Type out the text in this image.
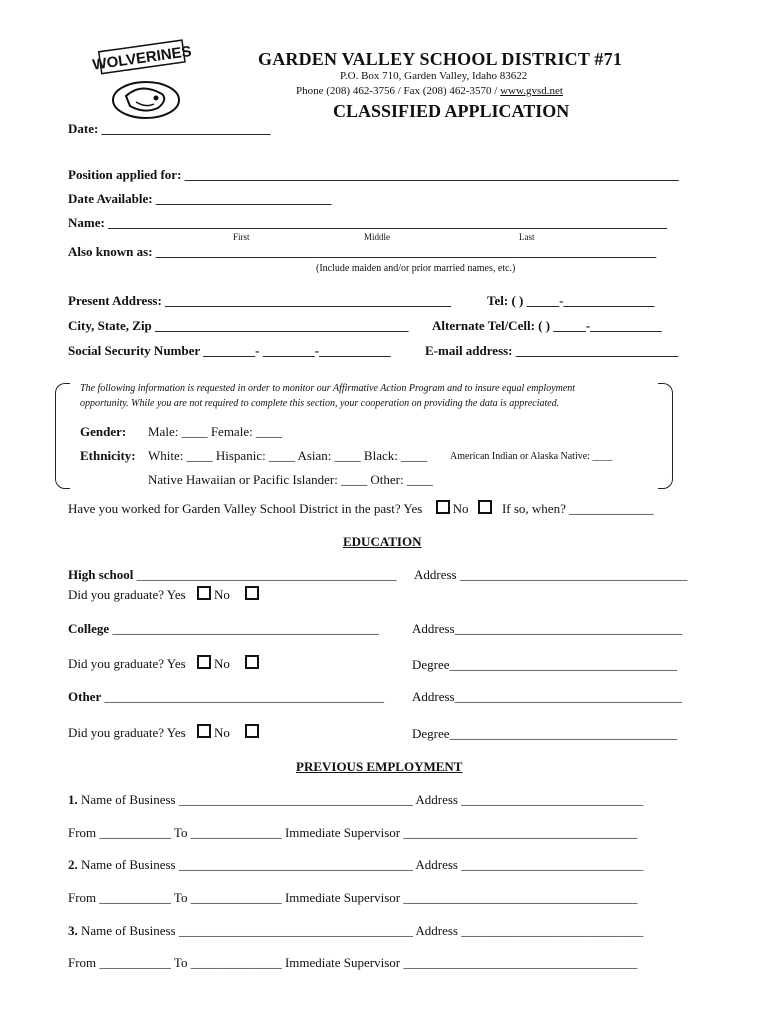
WOLVERINES	GARDEN VALLEY SCHOOL DISTRICT #71
P.O. Box 710, Garden Valley, Idaho 83622
Phone (208) 462-3756 / Fax (208) 462-3570 / www.gvsd.net
CLASSIFIED APPLICATION
Date: __________________________
Position applied for: ____________________________________________________________________________
Date Available: ___________________________
Name: ______________________________________________________________________________________
First	Middle	Last
Also known as: _____________________________________________________________________________
(Include maiden and/or prior married names, etc.)
Present Address: ____________________________________________	Tel: ( ) _____-______________
City, State, Zip _______________________________________ Alternate Tel/Cell: ( ) _____-___________
Social Security Number ________- ________-___________	E-mail address: _________________________
The following information is requested in order to monitor our Affirmative Action Program and to insure equal employment
opportunity. While you are not required to complete this section, your cooperation on providing the data is appreciated.
Gender: Male: ____ Female: ____
Ethnicity: White: ____ Hispanic: ____ Asian: ____ Black: ____ American Indian or Alaska Native: ____
Native Hawaiian or Pacific Islander: ____ Other: ____
Have you worked for Garden Valley School District in the past? Yes No	If so, when? _____________
EDUCATION
High school ________________________________________ Address ___________________________________
Did you graduate? Yes No
College _________________________________________	Address___________________________________
Did you graduate? Yes No	Degree___________________________________
Other ___________________________________________ Address___________________________________
Did you graduate? Yes No	Degree___________________________________
PREVIOUS EMPLOYMENT
1. Name of Business ____________________________________ Address ____________________________
From ___________ To ______________ Immediate Supervisor ____________________________________
2. Name of Business ____________________________________ Address ____________________________
From ___________ To ______________ Immediate Supervisor ____________________________________
3. Name of Business ____________________________________ Address ____________________________
From ___________ To ______________ Immediate Supervisor ____________________________________
